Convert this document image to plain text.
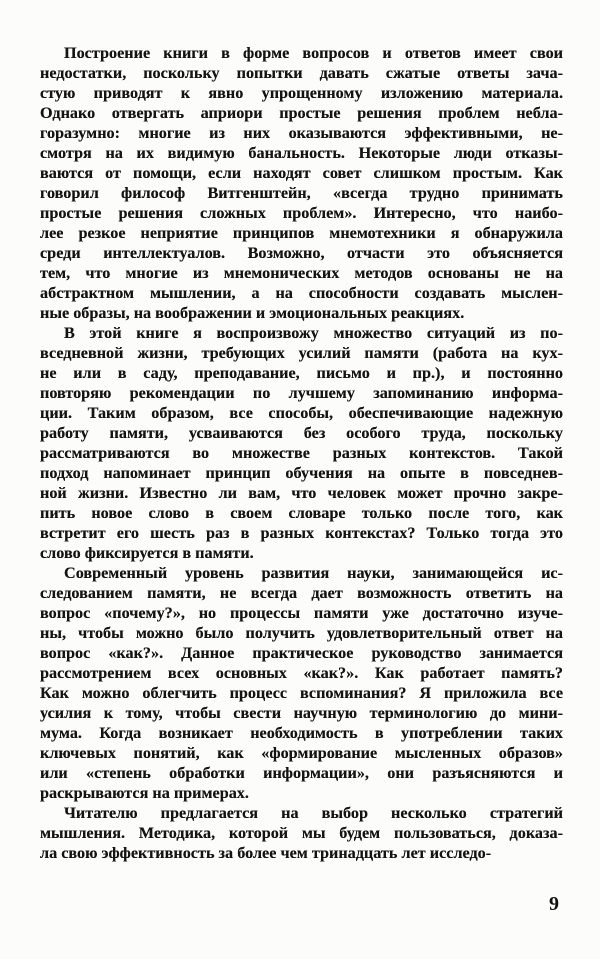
Построение книги в форме вопросов и ответов имеет свои
недостатки, поскольку попытки давать сжатые ответы зача-
стую приводят к явно упрощенному изложению материала.
Однако отвергать априори простые решения проблем небла-
горазумно: многие из них оказываются эффективными, не-
смотря на их видимую банальность. Некоторые люди отказы-
ваются от помощи, если находят совет слишком простым. Как
говорил философ Витгенштейн, «всегда трудно принимать
простые решения сложных проблем». Интересно, что наибо-
лее резкое неприятие принципов мнемотехники я обнаружила
среди интеллектуалов. Возможно, отчасти это объясняется
тем, что многие из мнемонических методов основаны не на
абстрактном мышлении, а на способности создавать мыслен-
ные образы, на воображении и эмоциональных реакциях.
В этой книге я воспроизвожу множество ситуаций из по-
вседневной жизни, требующих усилий памяти (работа на кух-
не или в саду, преподавание, письмо и пр.), и постоянно
повторяю рекомендации по лучшему запоминанию информа-
ции. Таким образом, все способы, обеспечивающие надежную
работу памяти, усваиваются без особого труда, поскольку
рассматриваются во множестве разных контекстов. Такой
подход напоминает принцип обучения на опыте в повседнев-
ной жизни. Известно ли вам, что человек может прочно закре-
пить новое слово в своем словаре только после того, как
встретит его шесть раз в разных контекстах? Только тогда это
слово фиксируется в памяти.
Современный уровень развития науки, занимающейся ис-
следованием памяти, не всегда дает возможность ответить на
вопрос «почему?», но процессы памяти уже достаточно изуче-
ны, чтобы можно было получить удовлетворительный ответ на
вопрос «как?». Данное практическое руководство занимается
рассмотрением всех основных «как?». Как работает память?
Как можно облегчить процесс вспоминания? Я приложила все
усилия к тому, чтобы свести научную терминологию до мини-
мума. Когда возникает необходимость в употреблении таких
ключевых понятий, как «формирование мысленных образов»
или «степень обработки информации», они разъясняются и
раскрываются на примерах.
Читателю предлагается на выбор несколько стратегий
мышления. Методика, которой мы будем пользоваться, доказа-
ла свою эффективность за более чем тринадцать лет исследо-
9
